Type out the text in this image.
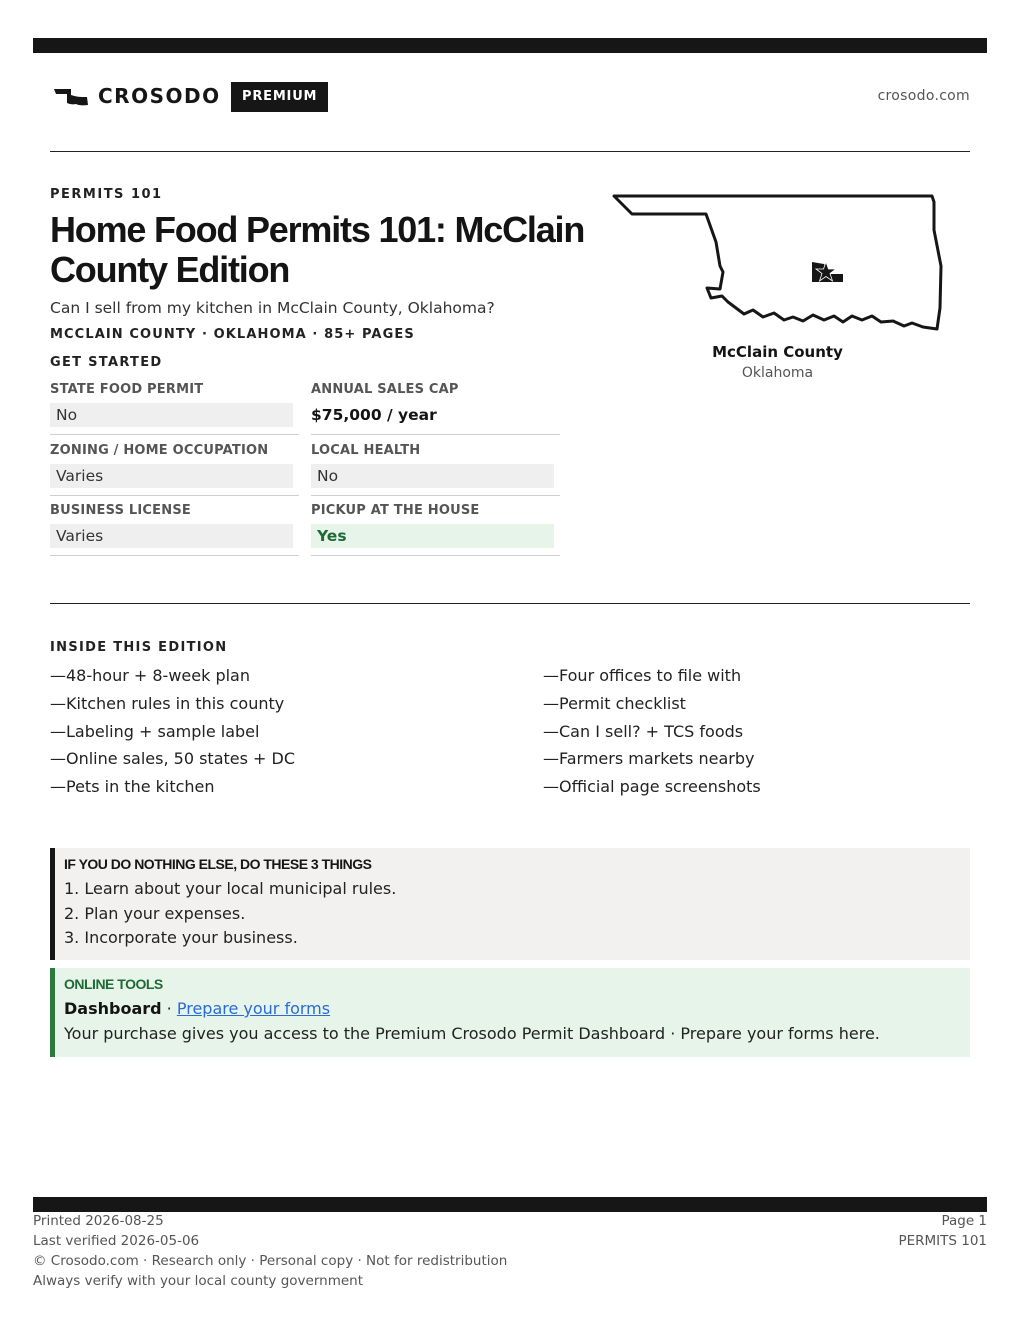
CROSODO	PREMIUM	crosodo.com
PERMITS 101
Home Food Permits 101: McClain County Edition
Can I sell from my kitchen in McClain County, Oklahoma?
MCCLAIN COUNTY · OKLAHOMA · 85+ PAGES
McClain County
Oklahoma
GET STARTED
STATE FOOD PERMIT
No
ANNUAL SALES CAP
$75,000 / year
ZONING / HOME OCCUPATION
Varies
LOCAL HEALTH
No
BUSINESS LICENSE
Varies
PICKUP AT THE HOUSE
Yes
INSIDE THIS EDITION
—48-hour + 8-week plan
—Kitchen rules in this county
—Labeling + sample label
—Online sales, 50 states + DC
—Pets in the kitchen
—Four offices to file with
—Permit checklist
—Can I sell? + TCS foods
—Farmers markets nearby
—Official page screenshots
IF YOU DO NOTHING ELSE, DO THESE 3 THINGS
1. Learn about your local municipal rules.
2. Plan your expenses.
3. Incorporate your business.
ONLINE TOOLS
Dashboard · Prepare your forms
Your purchase gives you access to the Premium Crosodo Permit Dashboard · Prepare your forms here.
Printed 2026-08-25
Last verified 2026-05-06
© Crosodo.com · Research only · Personal copy · Not for redistribution
Always verify with your local county government
Page 1
PERMITS 101
